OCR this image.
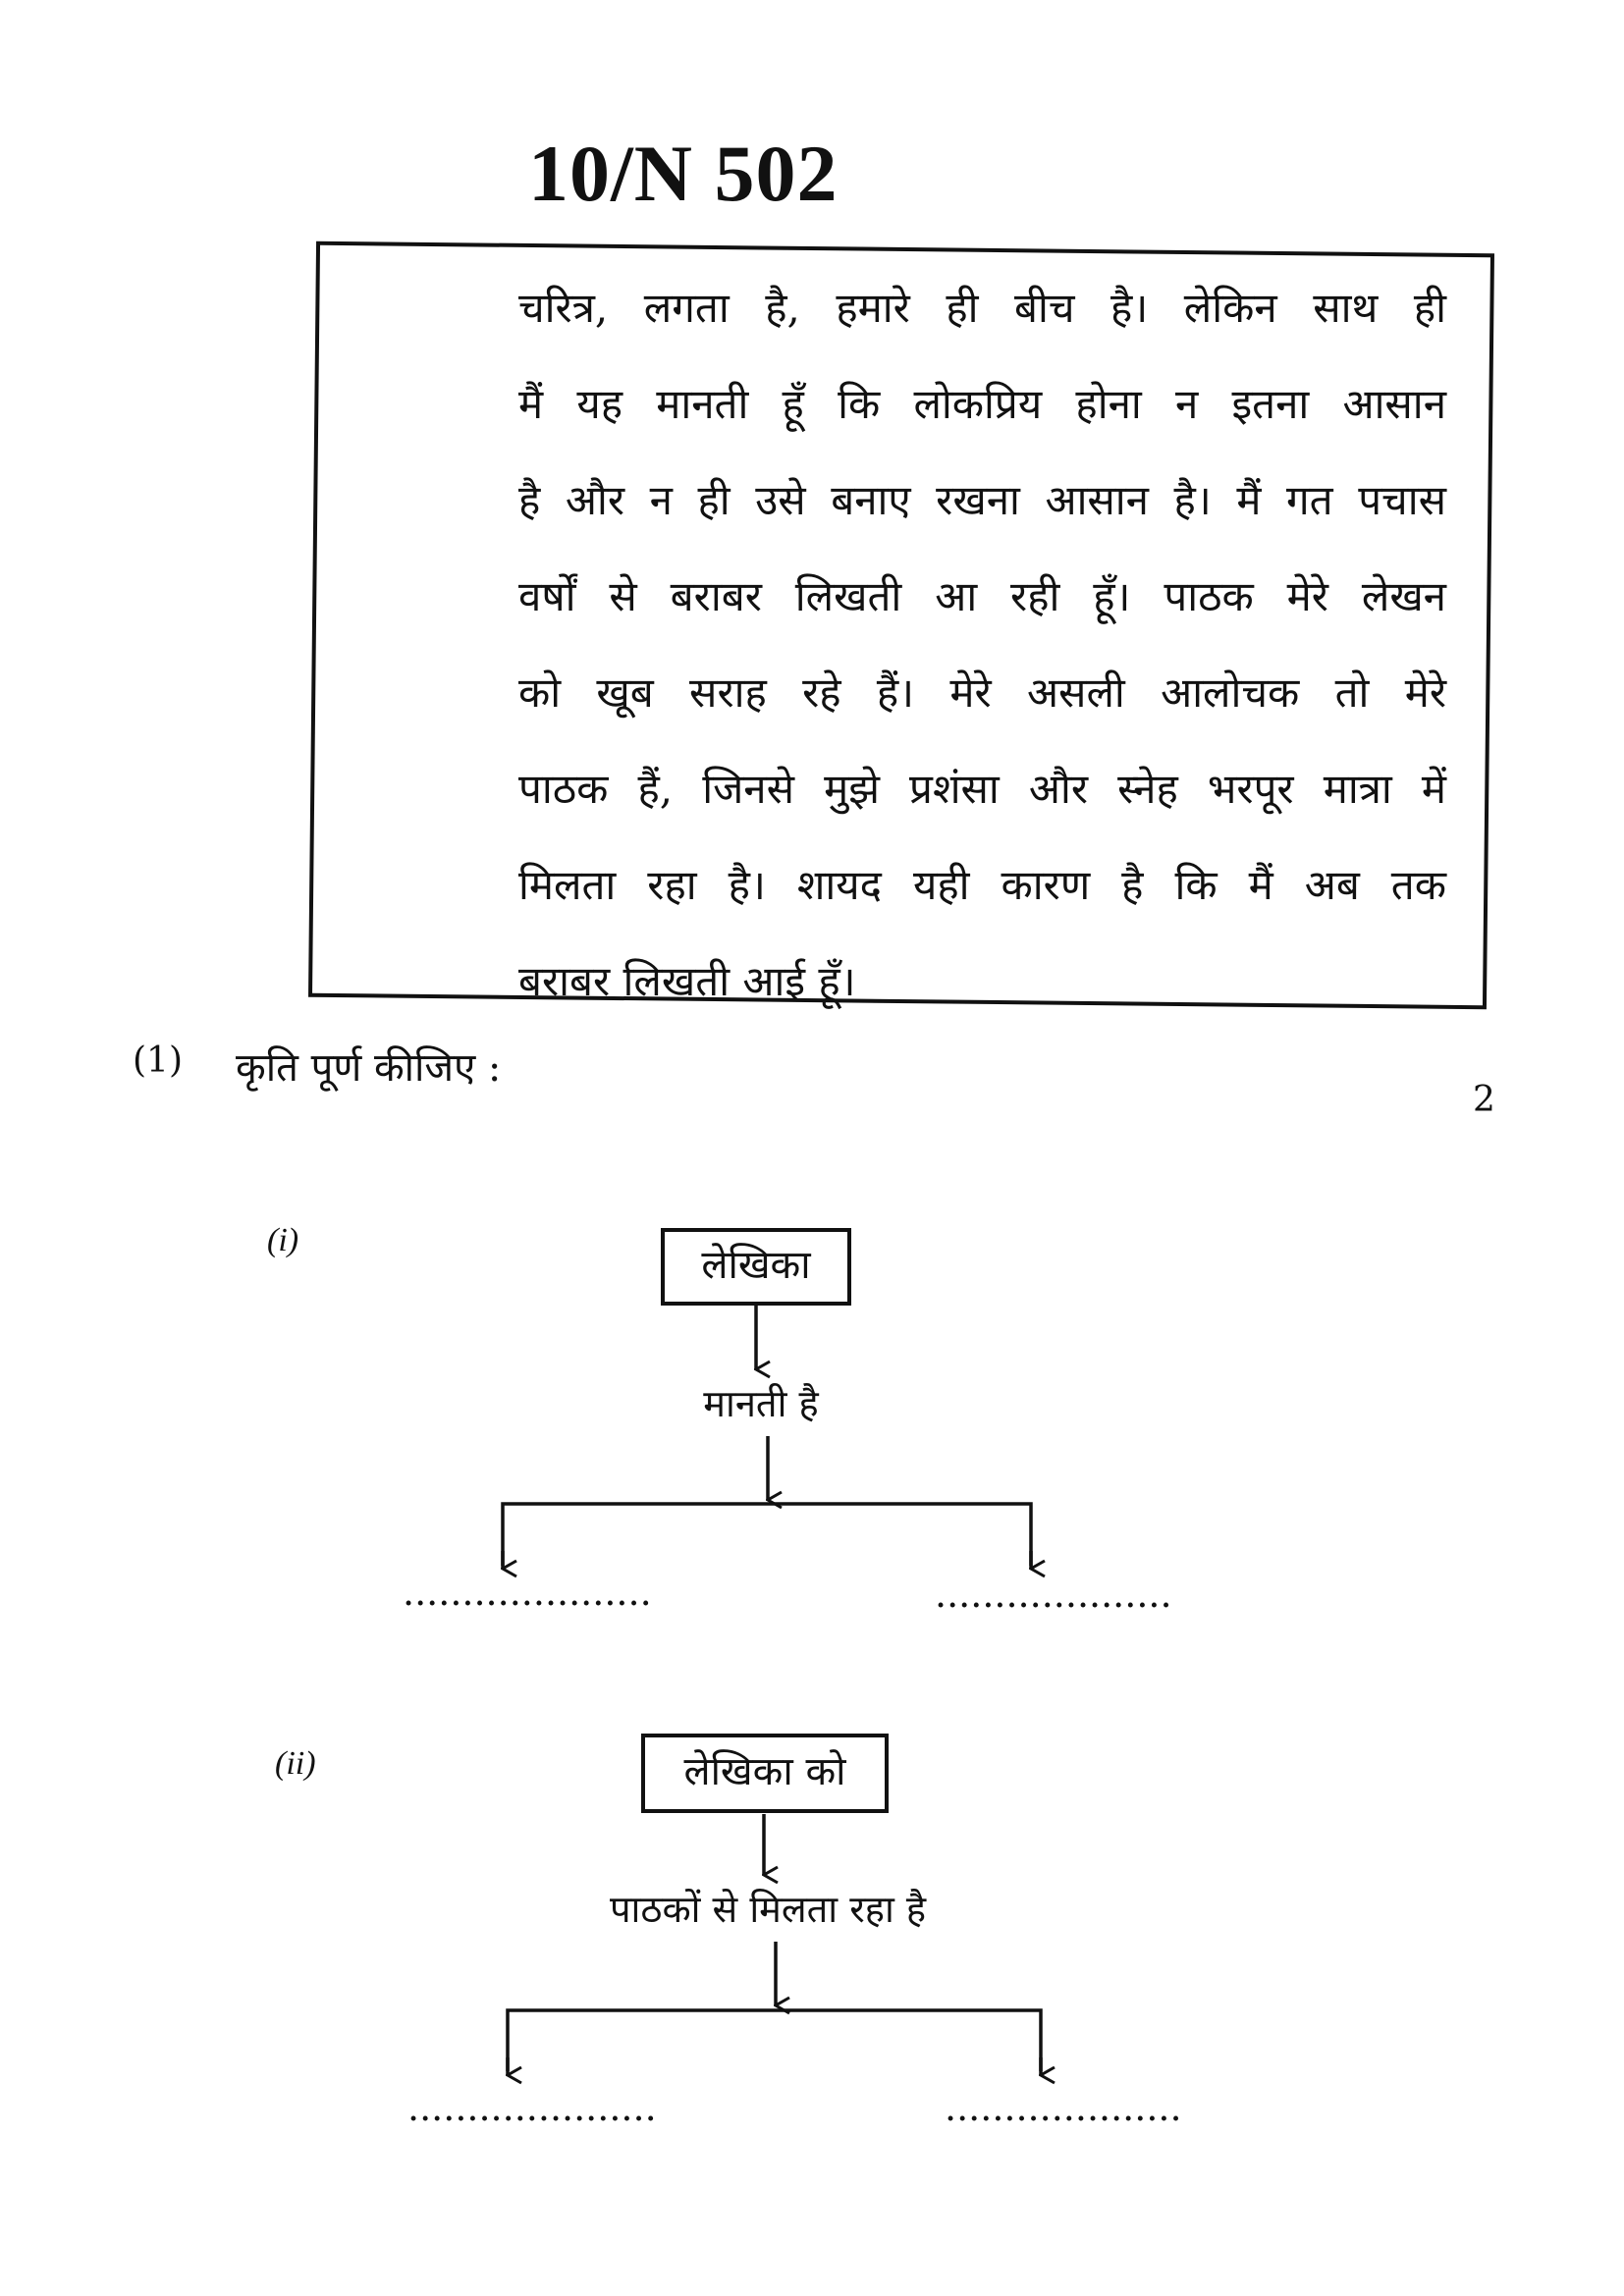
10/N 502
चरित्र, लगता है, हमारे ही बीच है। लेकिन साथ ही
मैं यह मानती हूँ कि लोकप्रिय होना न इतना आसान
है और न ही उसे बनाए रखना आसान है। मैं गत पचास
वर्षों से बराबर लिखती आ रही हूँ। पाठक मेरे लेखन
को खूब सराह रहे हैं। मेरे असली आलोचक तो मेरे
पाठक हैं, जिनसे मुझे प्रशंसा और स्नेह भरपूर मात्रा में
मिलता रहा है। शायद यही कारण है कि मैं अब तक
बराबर लिखती आई हूँ।
(1) कृति पूर्ण कीजिए :
2
(i)
(ii)
लेखिका
मानती है
.....................	....................
लेखिका को
पाठकों से मिलता रहा है
.....................	....................
